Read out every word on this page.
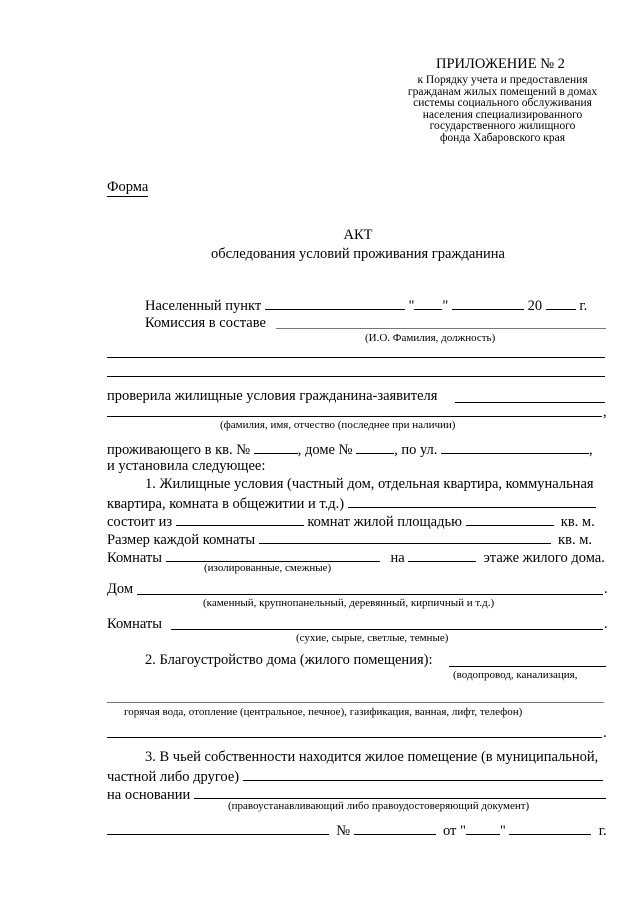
ПРИЛОЖЕНИЕ № 2
к Порядку учета и предоставления
гражданам жилых помещений в домах
системы социального обслуживания
населения специализированного
государственного жилищного
фонда Хабаровского края
Форма
АКТ
обследования условий проживания гражданина
Населенный пункт	" "	20	г.
Комиссия в составе
(И.О. Фамилия, должность)
проверила жилищные условия гражданина-заявителя
,
(фамилия, имя, отчество (последнее при наличии)
проживающего в кв. №	, доме №	, по ул.	,
и установила следующее:
1. Жилищные условия (частный дом, отдельная квартира, коммунальная
квартира, комната в общежитии и т.д.)
состоит из	комнат жилой площадью	кв. м.
Размер каждой комнаты	кв. м.
Комнаты	на	этаже жилого дома.
(изолированные, смежные)
Дом	.
(каменный, крупнопанельный, деревянный, кирпичный и т.д.)
Комнаты	.
(сухие, сырые, светлые, темные)
2. Благоустройство дома (жилого помещения):
(водопровод, канализация,
горячая вода, отопление (центральное, печное), газификация, ванная, лифт, телефон)
.
3. В чьей собственности находится жилое помещение (в муниципальной,
частной либо другое)
на основании
(правоустанавливающий либо правоудостоверяющий документ)
№	от " "	г.
